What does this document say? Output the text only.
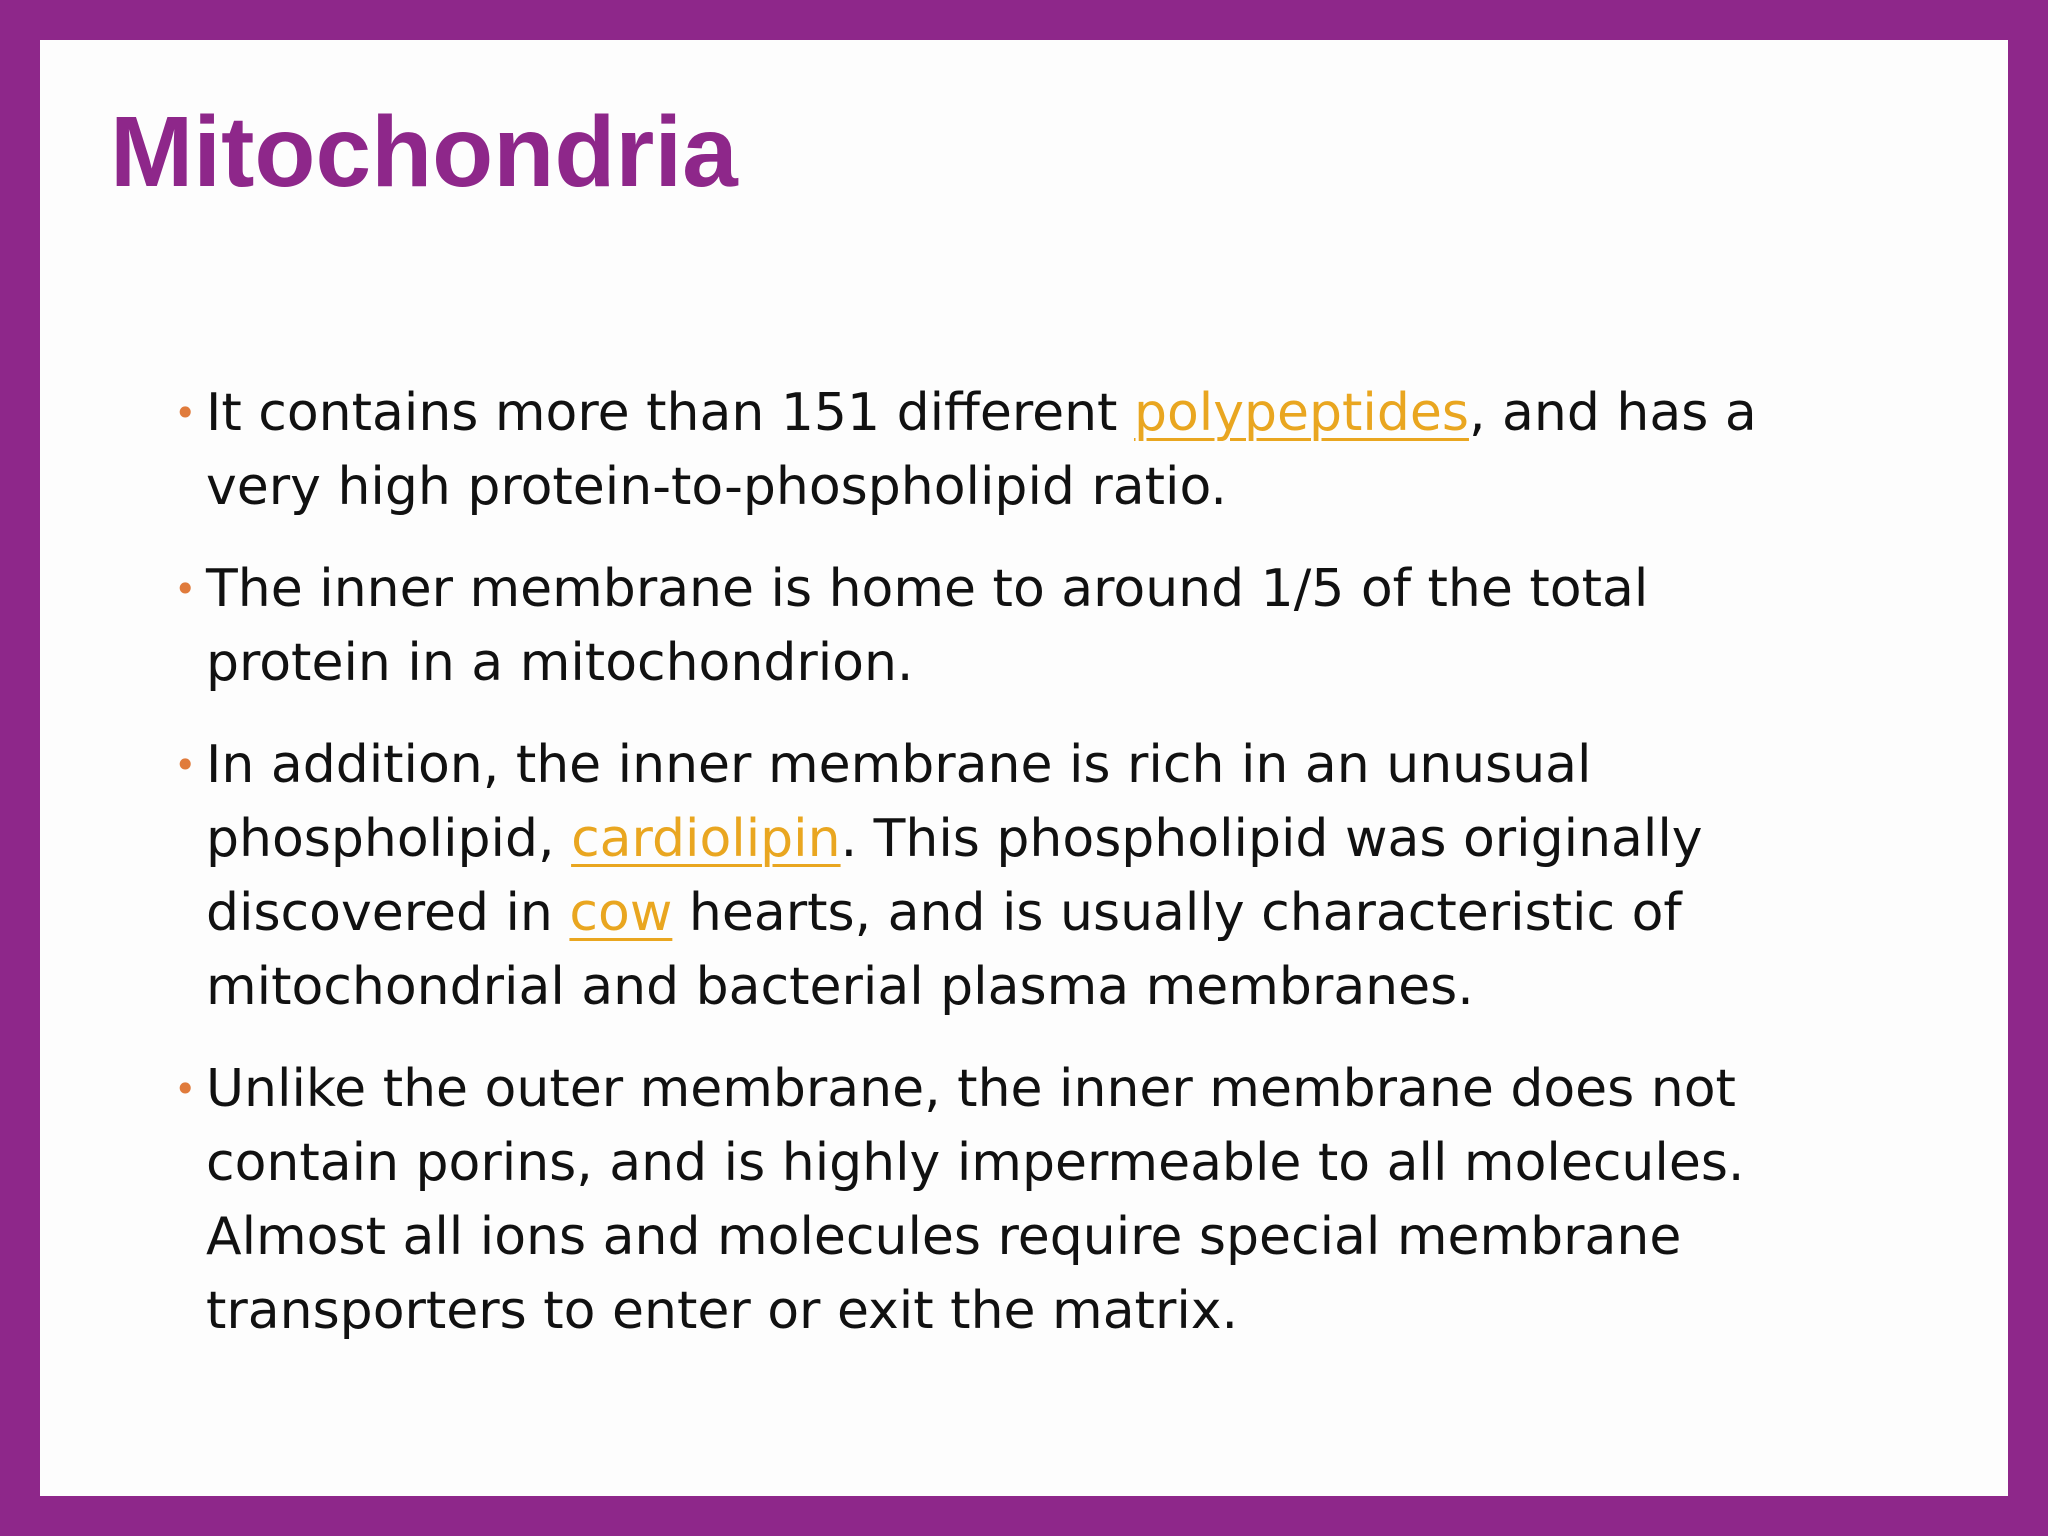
Mitochondria
• It contains more than 151 different polypeptides, and has a very high protein-to-phospholipid ratio.
• The inner membrane is home to around 1/5 of the total protein in a mitochondrion.
• In addition, the inner membrane is rich in an unusual phospholipid, cardiolipin. This phospholipid was originally discovered in cow hearts, and is usually characteristic of mitochondrial and bacterial plasma membranes.
• Unlike the outer membrane, the inner membrane does not contain porins, and is highly impermeable to all molecules. Almost all ions and molecules require special membrane transporters to enter or exit the matrix.
